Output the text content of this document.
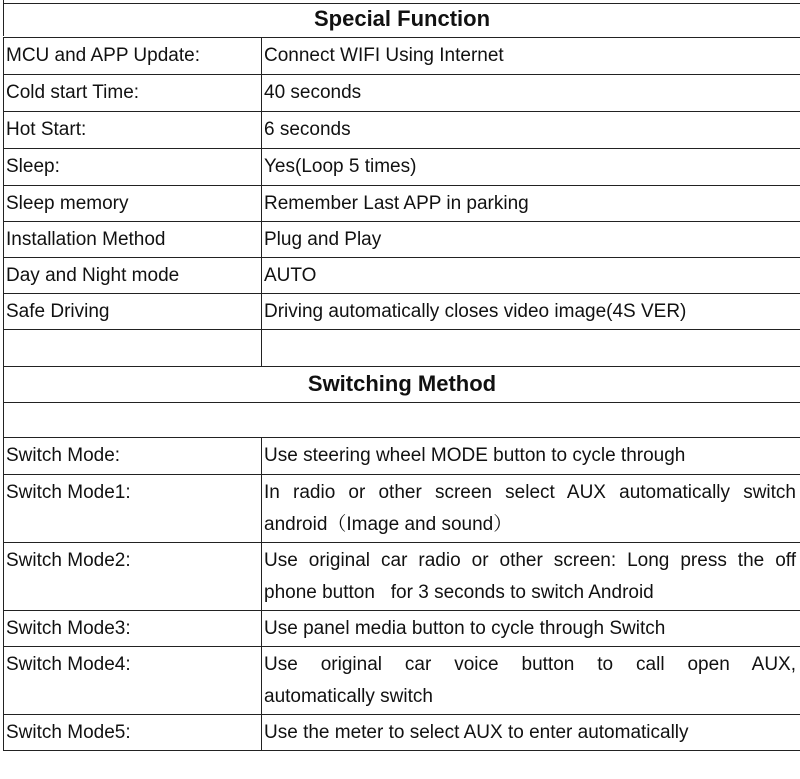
Special Function
MCU and APP Update:	Connect WIFI Using Internet
Cold start Time:	40 seconds
Hot Start:	6 seconds
Sleep:	Yes(Loop 5 times)
Sleep memory	Remember Last APP in parking
Installation Method	Plug and Play
Day and Night mode	AUTO
Safe Driving	Driving automatically closes video image(4S VER)
Switching Method
Switch Mode:	Use steering wheel MODE button to cycle through
Switch Mode1:	In radio or other screen select AUX automatically switch
android（Image and sound）
Switch Mode2:	Use original car radio or other screen: Long press the off
phone button   for 3 seconds to switch Android
Switch Mode3:	Use panel media button to cycle through Switch
Switch Mode4:	Use original car voice button to call open AUX,
automatically switch
Switch Mode5:	Use the meter to select AUX to enter automatically
